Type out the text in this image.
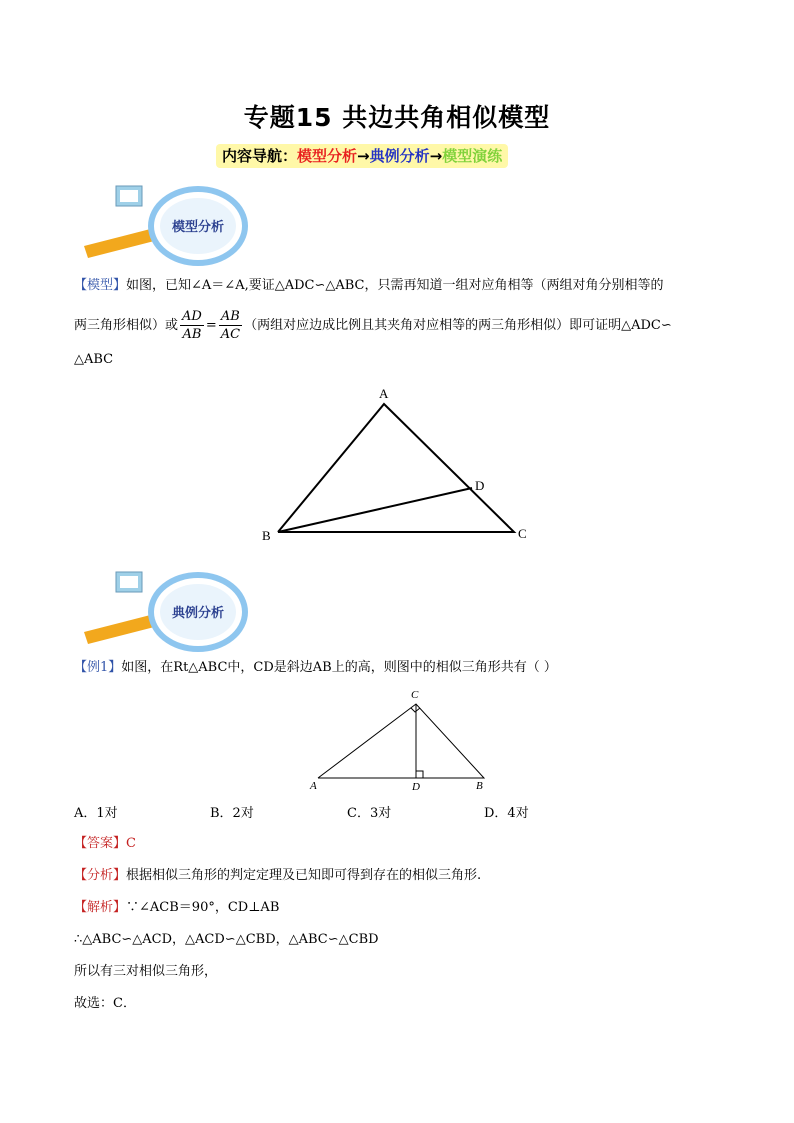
专题15 共边共角相似模型
内容导航：模型分析→典例分析→模型演练
模型分析
【模型】如图，已知∠A＝∠A,要证△ADC∽△ABC，只需再知道一组对应角相等（两组对角分别相等的
两三角形相似）或 $\frac{AD}{AB} = \frac{AB}{AC}$ （两组对应边成比例且其夹角对应相等的两三角形相似）即可证明△ADC∽
△ABC
A
B	C
D
典例分析
【例1】如图，在Rt△ABC中，CD是斜边AB上的高，则图中的相似三角形共有（ ）
C
A	D	B
A．1对	B．2对	C．3对	D．4对
【答案】C
【分析】根据相似三角形的判定定理及已知即可得到存在的相似三角形.
【解析】∵∠ACB＝90°，CD⊥AB
∴△ABC∽△ACD，△ACD∽△CBD，△ABC∽△CBD
所以有三对相似三角形，
故选：C．
